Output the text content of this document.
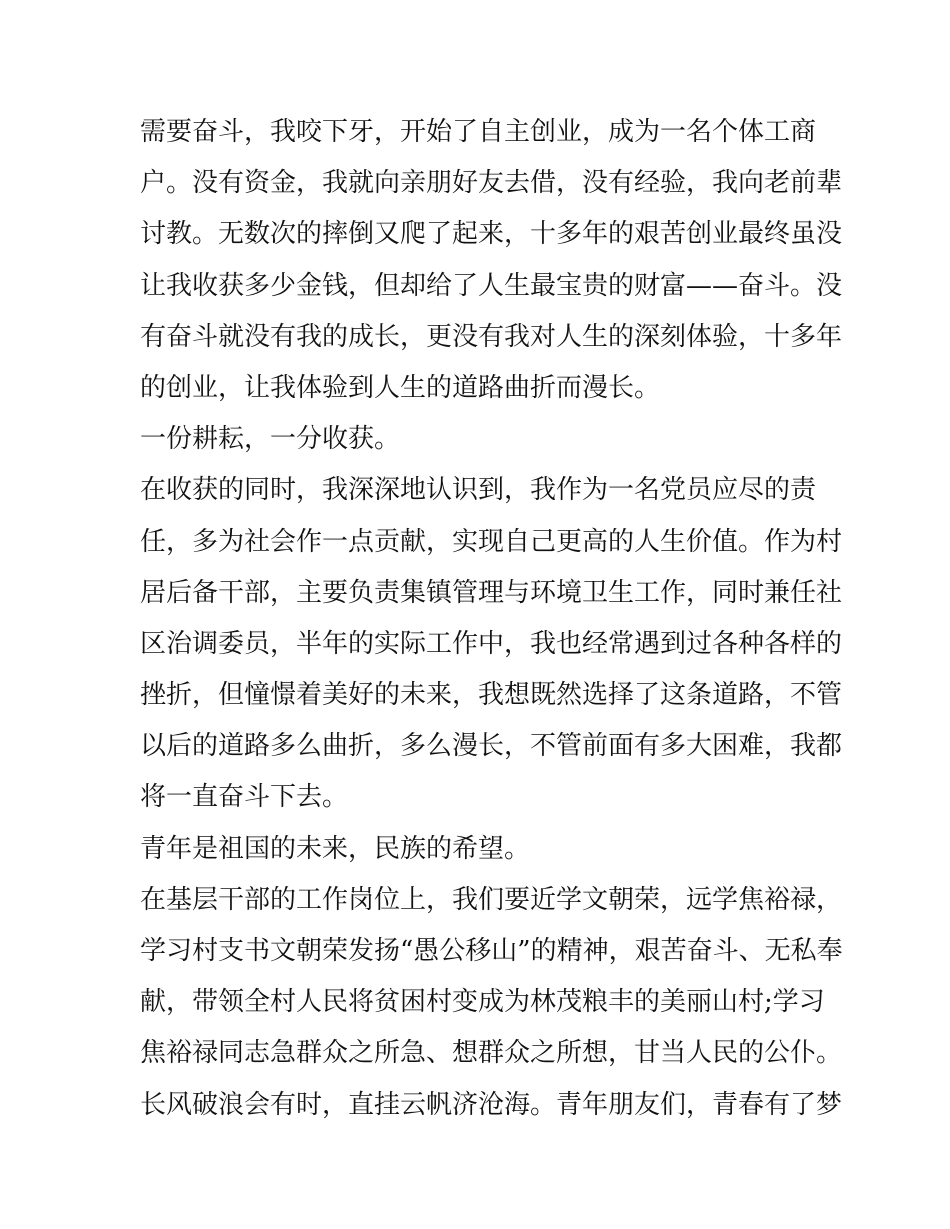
需要奋斗，我咬下牙，开始了自主创业，成为一名个体工商
户。没有资金，我就向亲朋好友去借，没有经验，我向老前辈
讨教。无数次的摔倒又爬了起来，十多年的艰苦创业最终虽没
让我收获多少金钱，但却给了人生最宝贵的财富——奋斗。没
有奋斗就没有我的成长，更没有我对人生的深刻体验，十多年
的创业，让我体验到人生的道路曲折而漫长。
一份耕耘，一分收获。
在收获的同时，我深深地认识到，我作为一名党员应尽的责
任，多为社会作一点贡献，实现自己更高的人生价值。作为村
居后备干部，主要负责集镇管理与环境卫生工作，同时兼任社
区治调委员，半年的实际工作中，我也经常遇到过各种各样的
挫折，但憧憬着美好的未来，我想既然选择了这条道路，不管
以后的道路多么曲折，多么漫长，不管前面有多大困难，我都
将一直奋斗下去。
青年是祖国的未来，民族的希望。
在基层干部的工作岗位上，我们要近学文朝荣，远学焦裕禄，
学习村支书文朝荣发扬“愚公移山”的精神，艰苦奋斗、无私奉
献，带领全村人民将贫困村变成为林茂粮丰的美丽山村;学习
焦裕禄同志急群众之所急、想群众之所想，甘当人民的公仆。
长风破浪会有时，直挂云帆济沧海。青年朋友们，青春有了梦
